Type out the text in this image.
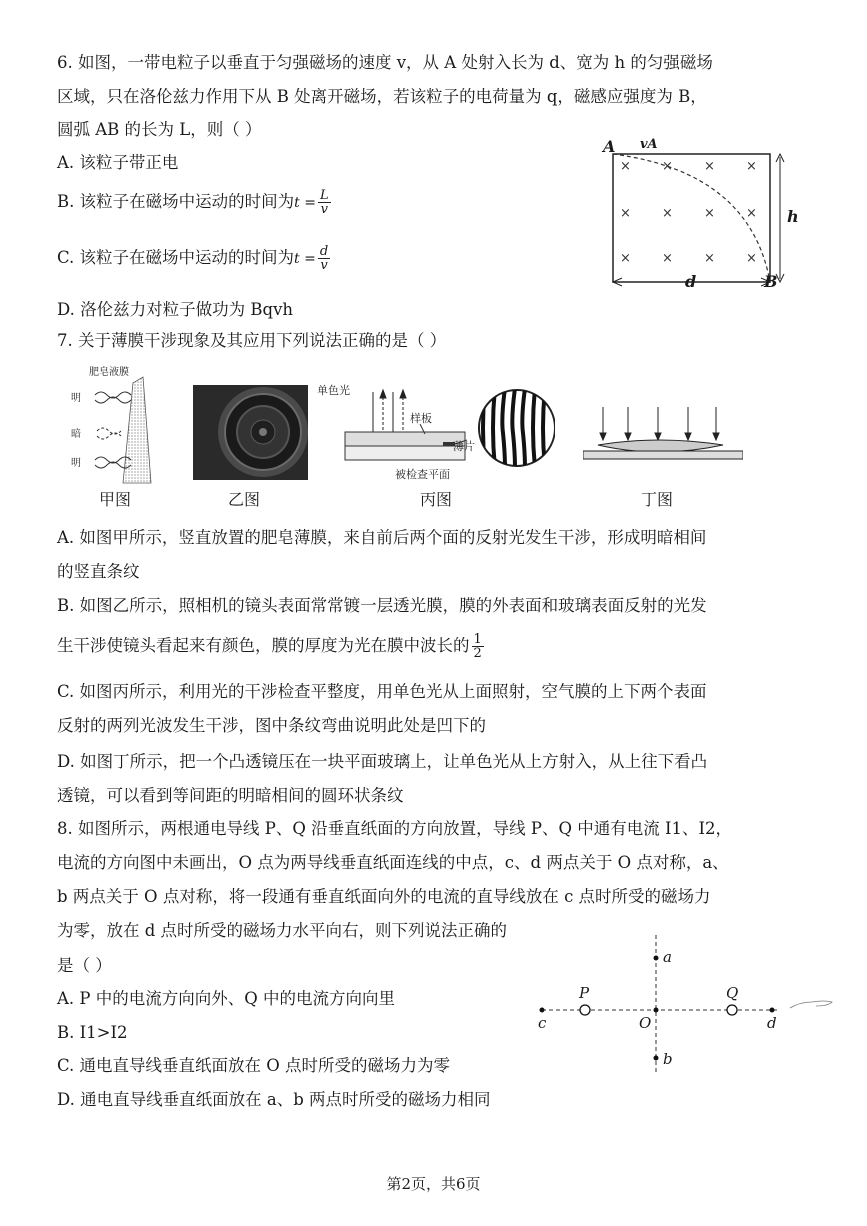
6. 如图，一带电粒子以垂直于匀强磁场的速度 v，从 A 处射入长为 d、宽为 h 的匀强磁场
区域，只在洛伦兹力作用下从 B 处离开磁场，若该粒子的电荷量为 q，磁感应强度为 B，
圆弧 AB 的长为 L，则（ ）
A. 该粒子带正电
B. 该粒子在磁场中运动的时间为$t = \frac{L}{v}$
C. 该粒子在磁场中运动的时间为$t = \frac{d}{v}$
D. 洛伦兹力对粒子做功为 Bqvh
× × × ×
× × × ×
× × × ×
A vA
h
d	B
7. 关于薄膜干涉现象及其应用下列说法正确的是（ ）
肥皂液膜
明
暗
明
甲图	乙图
单色光
样板
薄片
被检查平面
丙图	丁图
A. 如图甲所示，竖直放置的肥皂薄膜，来自前后两个面的反射光发生干涉，形成明暗相间
的竖直条纹
B. 如图乙所示，照相机的镜头表面常常镀一层透光膜，膜的外表面和玻璃表面反射的光发
生干涉使镜头看起来有颜色，膜的厚度为光在膜中波长的 $\frac{1}{2}$
C. 如图丙所示，利用光的干涉检查平整度，用单色光从上面照射，空气膜的上下两个表面
反射的两列光波发生干涉，图中条纹弯曲说明此处是凹下的
D. 如图丁所示，把一个凸透镜压在一块平面玻璃上，让单色光从上方射入，从上往下看凸
透镜，可以看到等间距的明暗相间的圆环状条纹
8. 如图所示，两根通电导线 P、Q 沿垂直纸面的方向放置，导线 P、Q 中通有电流 I1、I2，
电流的方向图中未画出，O 点为两导线垂直纸面连线的中点，c、d 两点关于 O 点对称，a、
b 两点关于 O 点对称，将一段通有垂直纸面向外的电流的直导线放在 c 点时所受的磁场力
为零，放在 d 点时所受的磁场力水平向右，则下列说法正确的
是（ ）
A. P 中的电流方向向外、Q 中的电流方向向里
B. I1>I2
C. 通电直导线垂直纸面放在 O 点时所受的磁场力为零
D. 通电直导线垂直纸面放在 a、b 两点时所受的磁场力相同
c
P
O
Q
d
a
b
第2页，共6页
